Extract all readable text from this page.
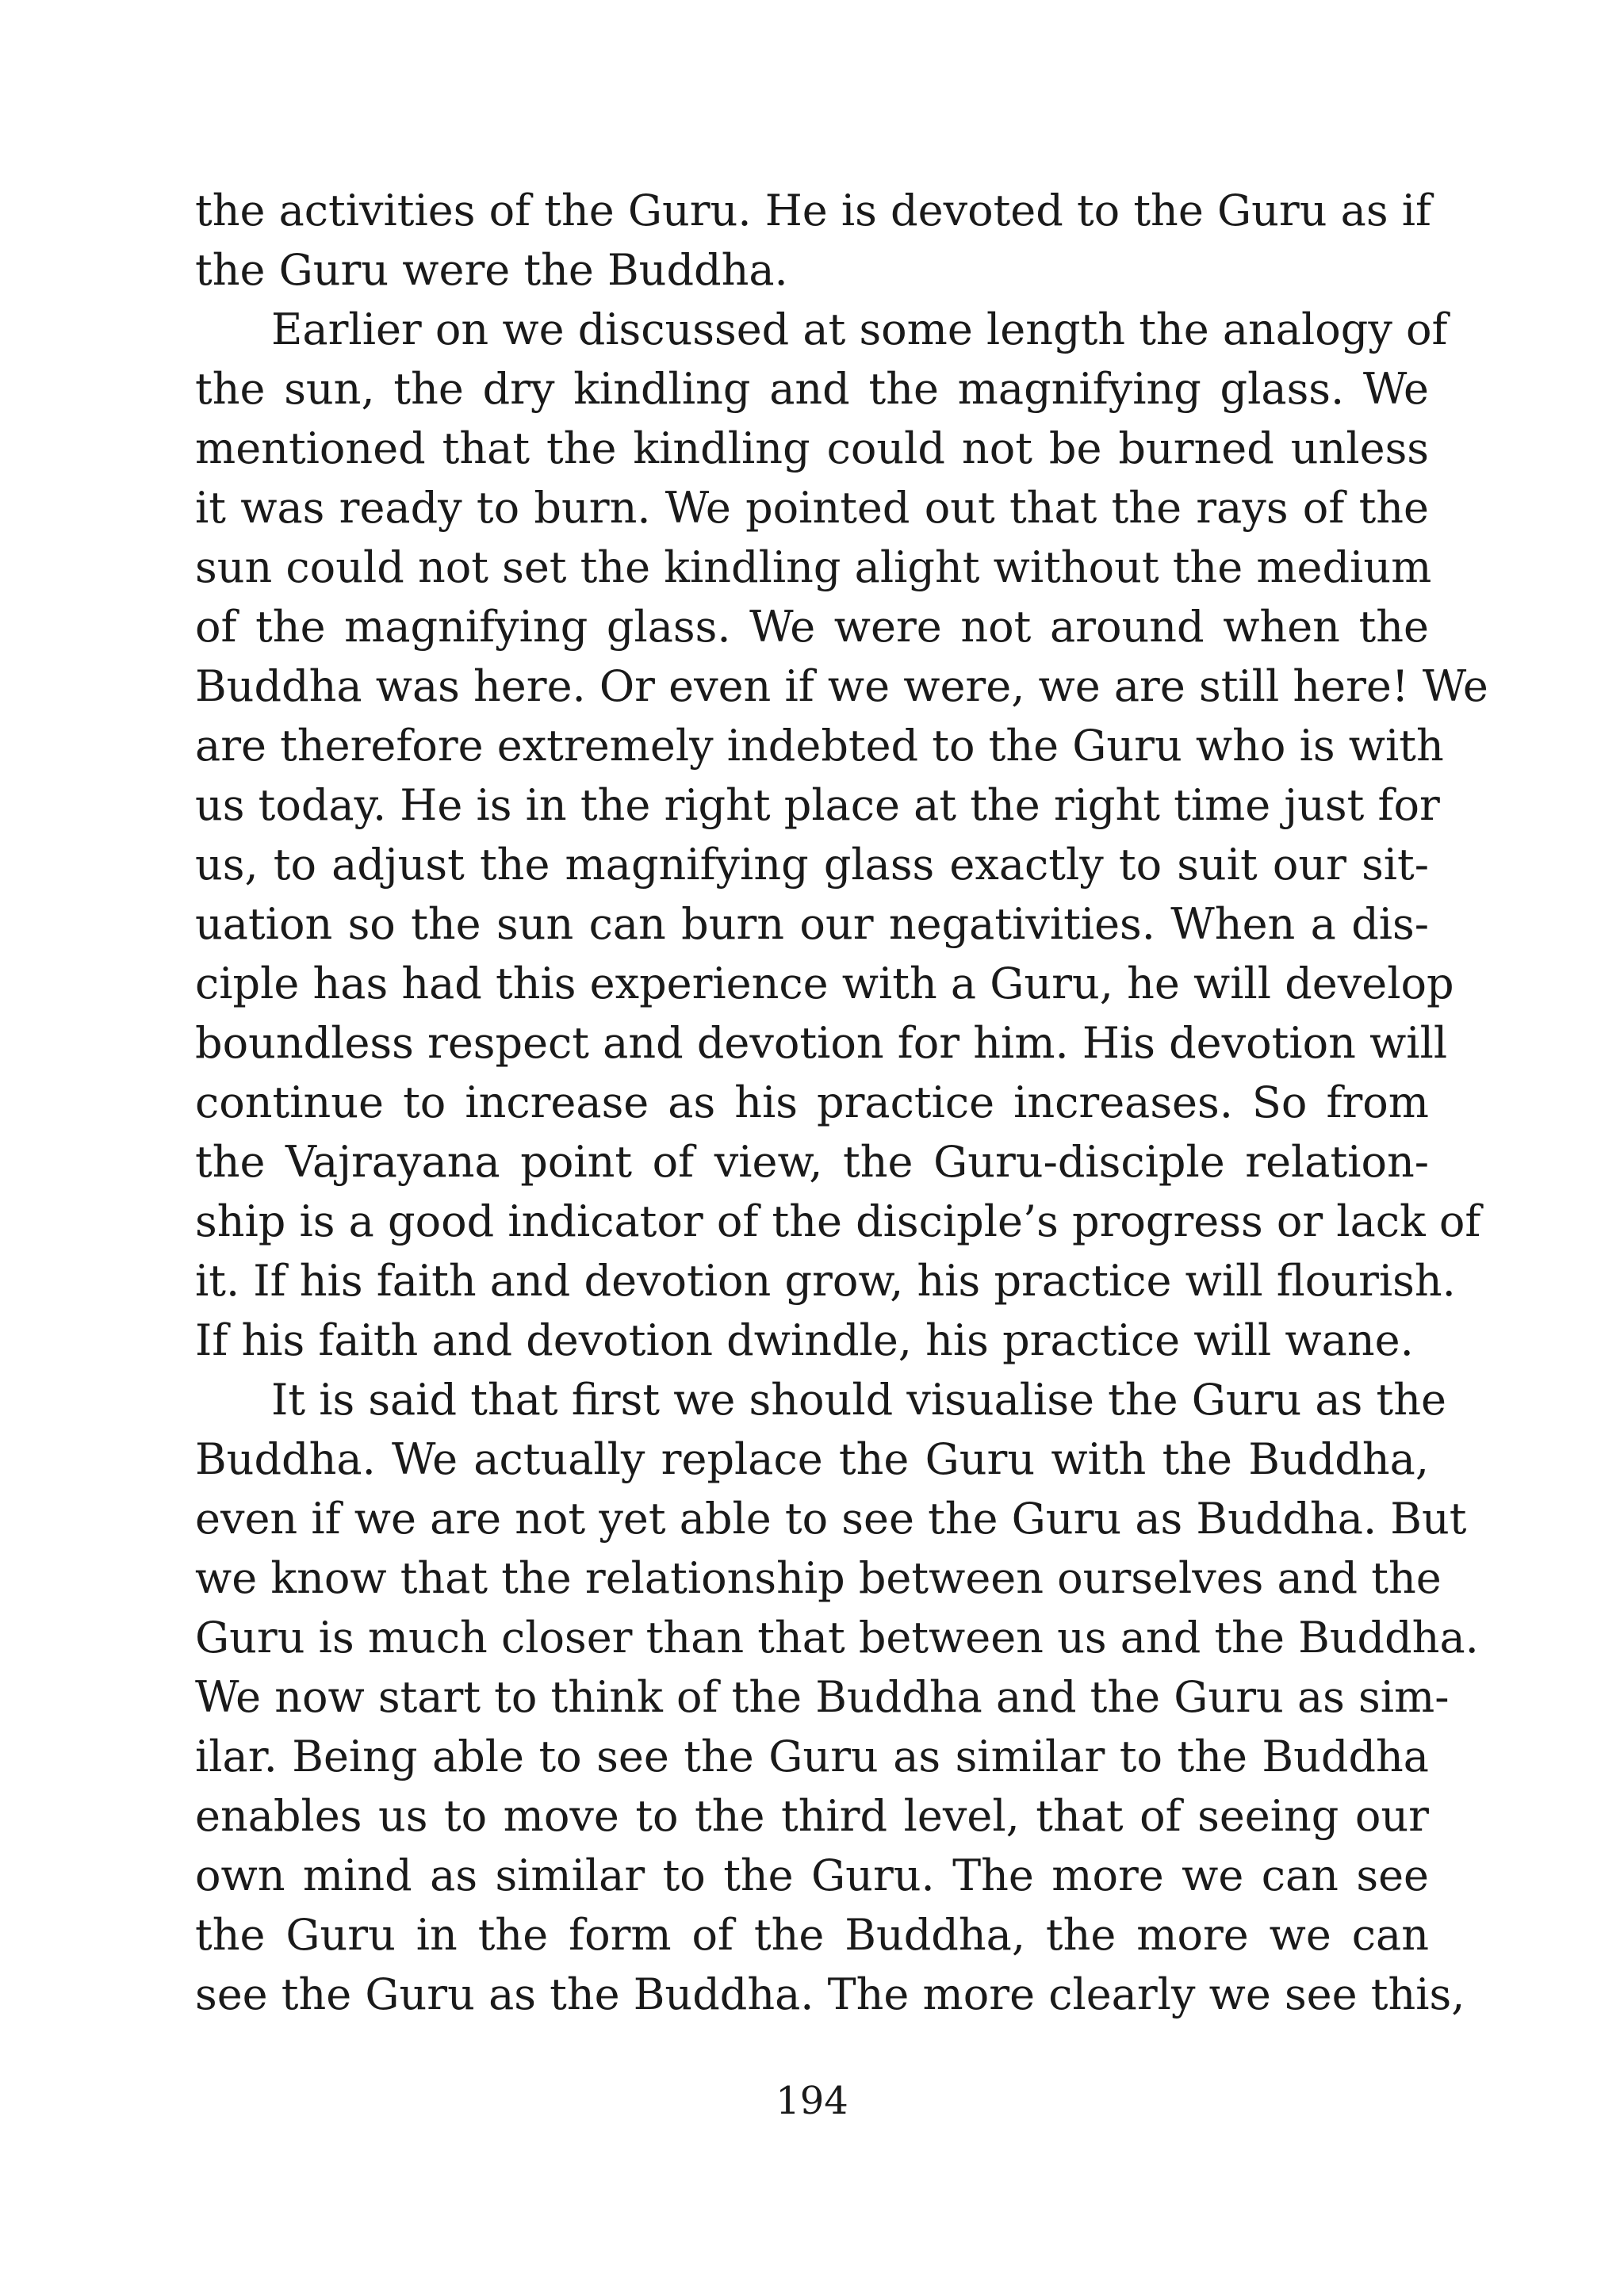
the activities of the Guru. He is devoted to the Guru as if
the Guru were the Buddha.
Earlier on we discussed at some length the analogy of
the sun, the dry kindling and the magnifying glass. We
mentioned that the kindling could not be burned unless
it was ready to burn. We pointed out that the rays of the
sun could not set the kindling alight without the medium
of the magnifying glass. We were not around when the
Buddha was here. Or even if we were, we are still here! We
are therefore extremely indebted to the Guru who is with
us today. He is in the right place at the right time just for
us, to adjust the magnifying glass exactly to suit our sit-
uation so the sun can burn our negativities. When a dis-
ciple has had this experience with a Guru, he will develop
boundless respect and devotion for him. His devotion will
continue to increase as his practice increases. So from
the Vajrayana point of view, the Guru-disciple relation-
ship is a good indicator of the disciple’s progress or lack of
it. If his faith and devotion grow, his practice will flourish.
If his faith and devotion dwindle, his practice will wane.
It is said that first we should visualise the Guru as the
Buddha. We actually replace the Guru with the Buddha,
even if we are not yet able to see the Guru as Buddha. But
we know that the relationship between ourselves and the
Guru is much closer than that between us and the Buddha.
We now start to think of the Buddha and the Guru as sim-
ilar. Being able to see the Guru as similar to the Buddha
enables us to move to the third level, that of seeing our
own mind as similar to the Guru. The more we can see
the Guru in the form of the Buddha, the more we can
see the Guru as the Buddha. The more clearly we see this,
194
